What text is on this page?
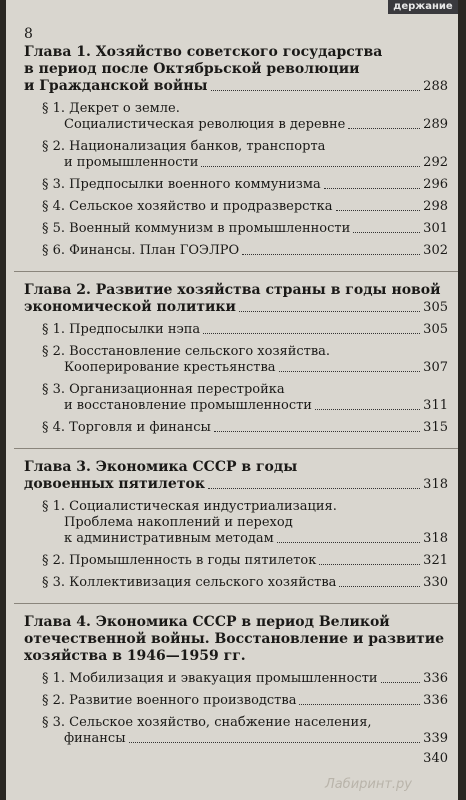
держание
8
Глава 1. Хозяйство советского государства
в период после Октябрьской революции
и Гражданской войны	288
§ 1. Декрет о земле.
Социалистическая революция в деревне	289
§ 2. Национализация банков, транспорта
и промышленности	292
§ 3. Предпосылки военного коммунизма	296
§ 4. Сельское хозяйство и продразверстка	298
§ 5. Военный коммунизм в промышленности	301
§ 6. Финансы. План ГОЭЛРО	302
Глава 2. Развитие хозяйства страны в годы новой
экономической политики	305
§ 1. Предпосылки нэпа	305
§ 2. Восстановление сельского хозяйства.
Кооперирование крестьянства	307
§ 3. Организационная перестройка
и восстановление промышленности	311
§ 4. Торговля и финансы	315
Глава 3. Экономика СССР в годы
довоенных пятилеток	318
§ 1. Социалистическая индустриализация.
Проблема накоплений и переход
к административным методам	318
§ 2. Промышленность в годы пятилеток	321
§ 3. Коллективизация сельского хозяйства	330
Глава 4. Экономика СССР в период Великой
отечественной войны. Восстановление и развитие
хозяйства в 1946—1959 гг.
§ 1. Мобилизация и эвакуация промышленности	336
§ 2. Развитие военного производства	336
§ 3. Сельское хозяйство, снабжение населения,
финансы	339
340
Лабиринт.ру
